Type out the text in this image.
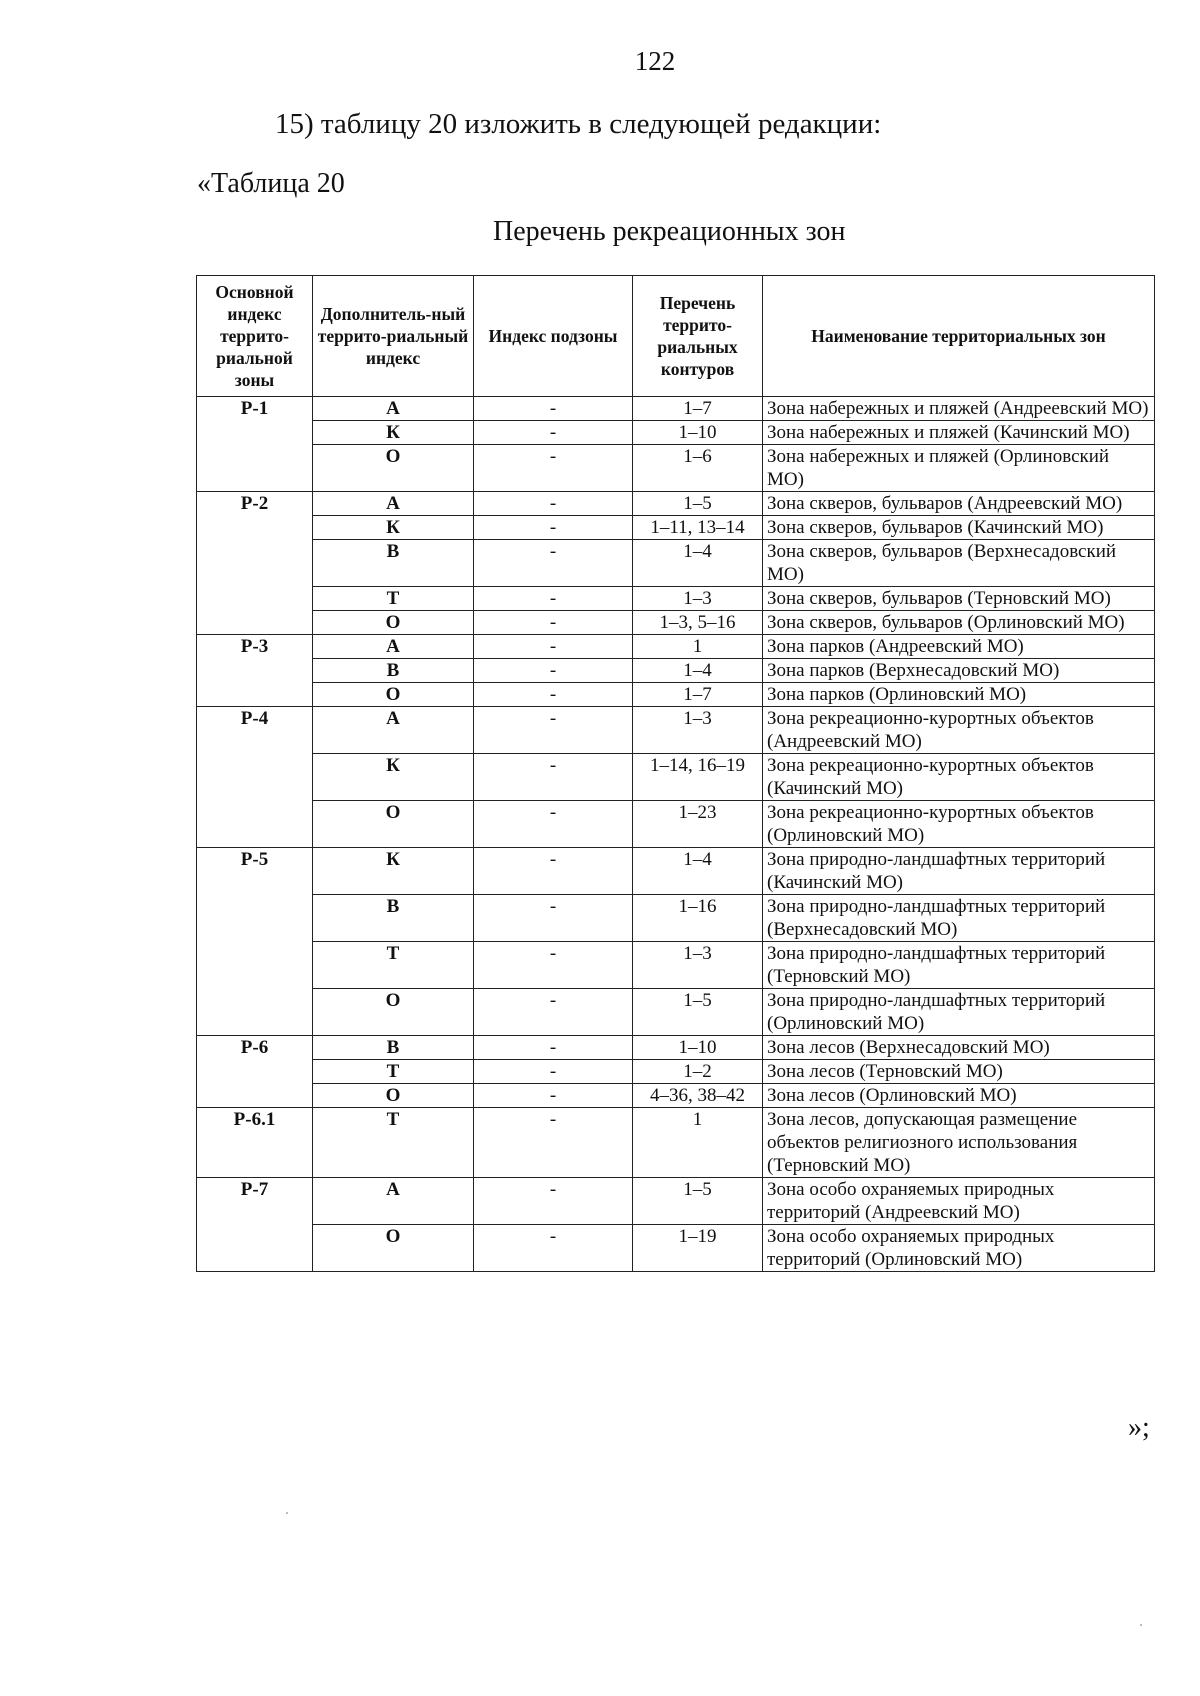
122
15) таблицу 20 изложить в следующей редакции:
«Таблица 20
Перечень рекреационных зон
Основной индекс террито-риальной зоны	Дополнитель-ный террито-риальный индекс	Индекс подзоны	Перечень террито-риальных контуров	Наименование территориальных зон
Р-1	А	-	1–7	Зона набережных и пляжей (Андреевский МО)
	К	-	1–10	Зона набережных и пляжей (Качинский МО)
	О	-	1–6	Зона набережных и пляжей (Орлиновский МО)
Р-2	А	-	1–5	Зона скверов, бульваров (Андреевский МО)
	К	-	1–11, 13–14	Зона скверов, бульваров (Качинский МО)
	В	-	1–4	Зона скверов, бульваров (Верхнесадовский МО)
	Т	-	1–3	Зона скверов, бульваров (Терновский МО)
	О	-	1–3, 5–16	Зона скверов, бульваров (Орлиновский МО)
Р-3	А	-	1	Зона парков (Андреевский МО)
	В	-	1–4	Зона парков (Верхнесадовский МО)
	О	-	1–7	Зона парков (Орлиновский МО)
Р-4	А	-	1–3	Зона рекреационно-курортных объектов (Андреевский МО)
	К	-	1–14, 16–19	Зона рекреационно-курортных объектов (Качинский МО)
	О	-	1–23	Зона рекреационно-курортных объектов (Орлиновский МО)
Р-5	К	-	1–4	Зона природно-ландшафтных территорий (Качинский МО)
	В	-	1–16	Зона природно-ландшафтных территорий (Верхнесадовский МО)
	Т	-	1–3	Зона природно-ландшафтных территорий (Терновский МО)
	О	-	1–5	Зона природно-ландшафтных территорий (Орлиновский МО)
Р-6	В	-	1–10	Зона лесов (Верхнесадовский МО)
	Т	-	1–2	Зона лесов (Терновский МО)
	О	-	4–36, 38–42	Зона лесов (Орлиновский МО)
Р-6.1	Т	-	1	Зона лесов, допускающая размещение объектов религиозного использования (Терновский МО)
Р-7	А	-	1–5	Зона особо охраняемых природных территорий (Андреевский МО)
	О	-	1–19	Зона особо охраняемых природных территорий (Орлиновский МО)
»;
